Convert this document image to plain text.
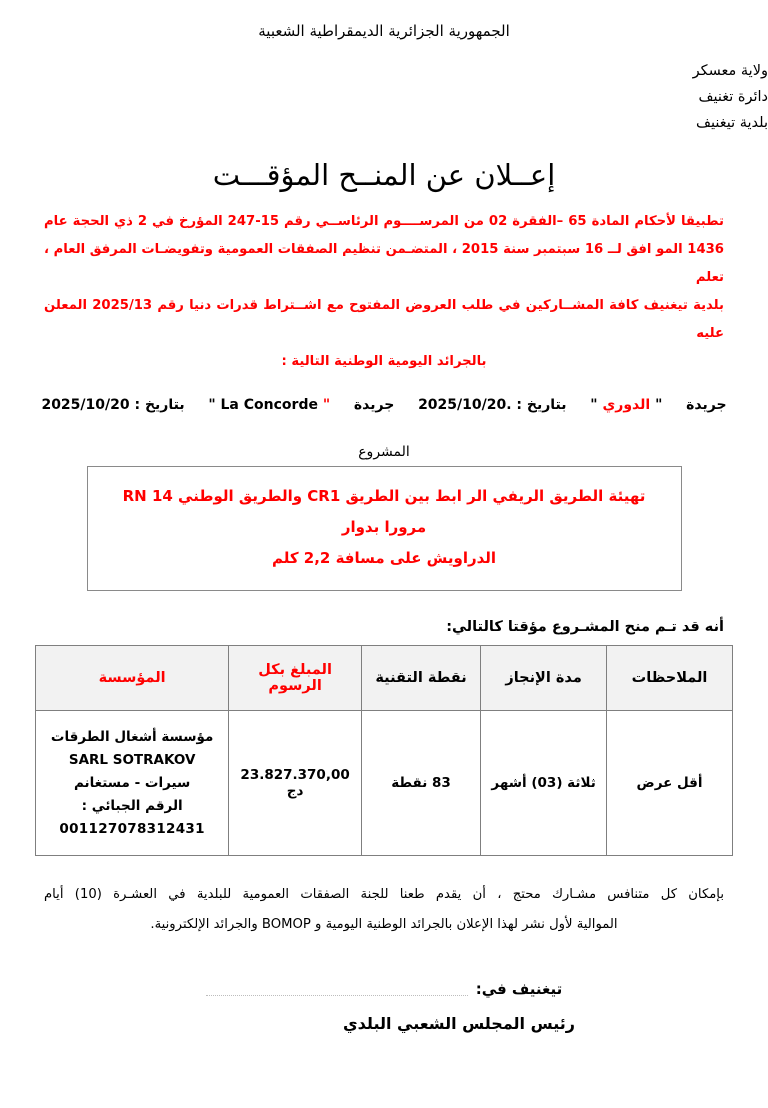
الجمهورية الجزائرية الديمقراطية الشعبية
ولاية معسكر
دائرة تغنيف
بلدية تيغنيف
إعــلان عن المنــح المؤقـــت
تطبيقا لأحكام المادة 65 –الفقرة 02 من المرســــوم الرئاســي رقم 15-247 المؤرخ في 2 ذي الحجة عام
1436 المو افق لــ 16 سبتمبر سنة 2015 ، المتضـمن تنظيم الصفقات العمومية وتفويضـات المرفق العام ، تعلم
بلدية تيغنيف كافة المشــاركين في طلب العروض المفتوح مع اشــتراط قدرات دنيا رقم 2025/13 المعلن عليه
بالجرائد اليومية الوطنية التالية :
جريدة  " الدوري "  بتاريخ : 2025/10/20.  جريدة  " La Concorde "  بتاريخ : 2025/10/20
المشروع
تهيئة الطريق الريفي الر ابط بين الطريق CR1 والطريق الوطني RN 14 مرورا بدوار
الدراويش على مسافة 2,2 كلم
أنه قد تـم منح المشـروع مؤقتا كالتالي:
الملاحظات	مدة الإنجاز	نقطة التقنية	المبلغ بكل الرسوم	المؤسسة
أقل عرض	ثلاثة (03) أشهر	83 نقطة	23.827.370,00 دج	مؤسسة أشغال الطرقات
SARL SOTRAKOV
سيرات - مستغانم
الرقم الجبائي :
001127078312431
بإمكان كل متنافس مشـارك محتج ، أن يقدم طعنا للجنة الصفقات العمومية للبلدية في العشـرة (10) أيام
الموالية لأول نشر لهذا الإعلان بالجرائد الوطنية اليومية و BOMOP والجرائد الإلكترونية.
تيغنيف في:
رئيس المجلس الشعبي البلدي
